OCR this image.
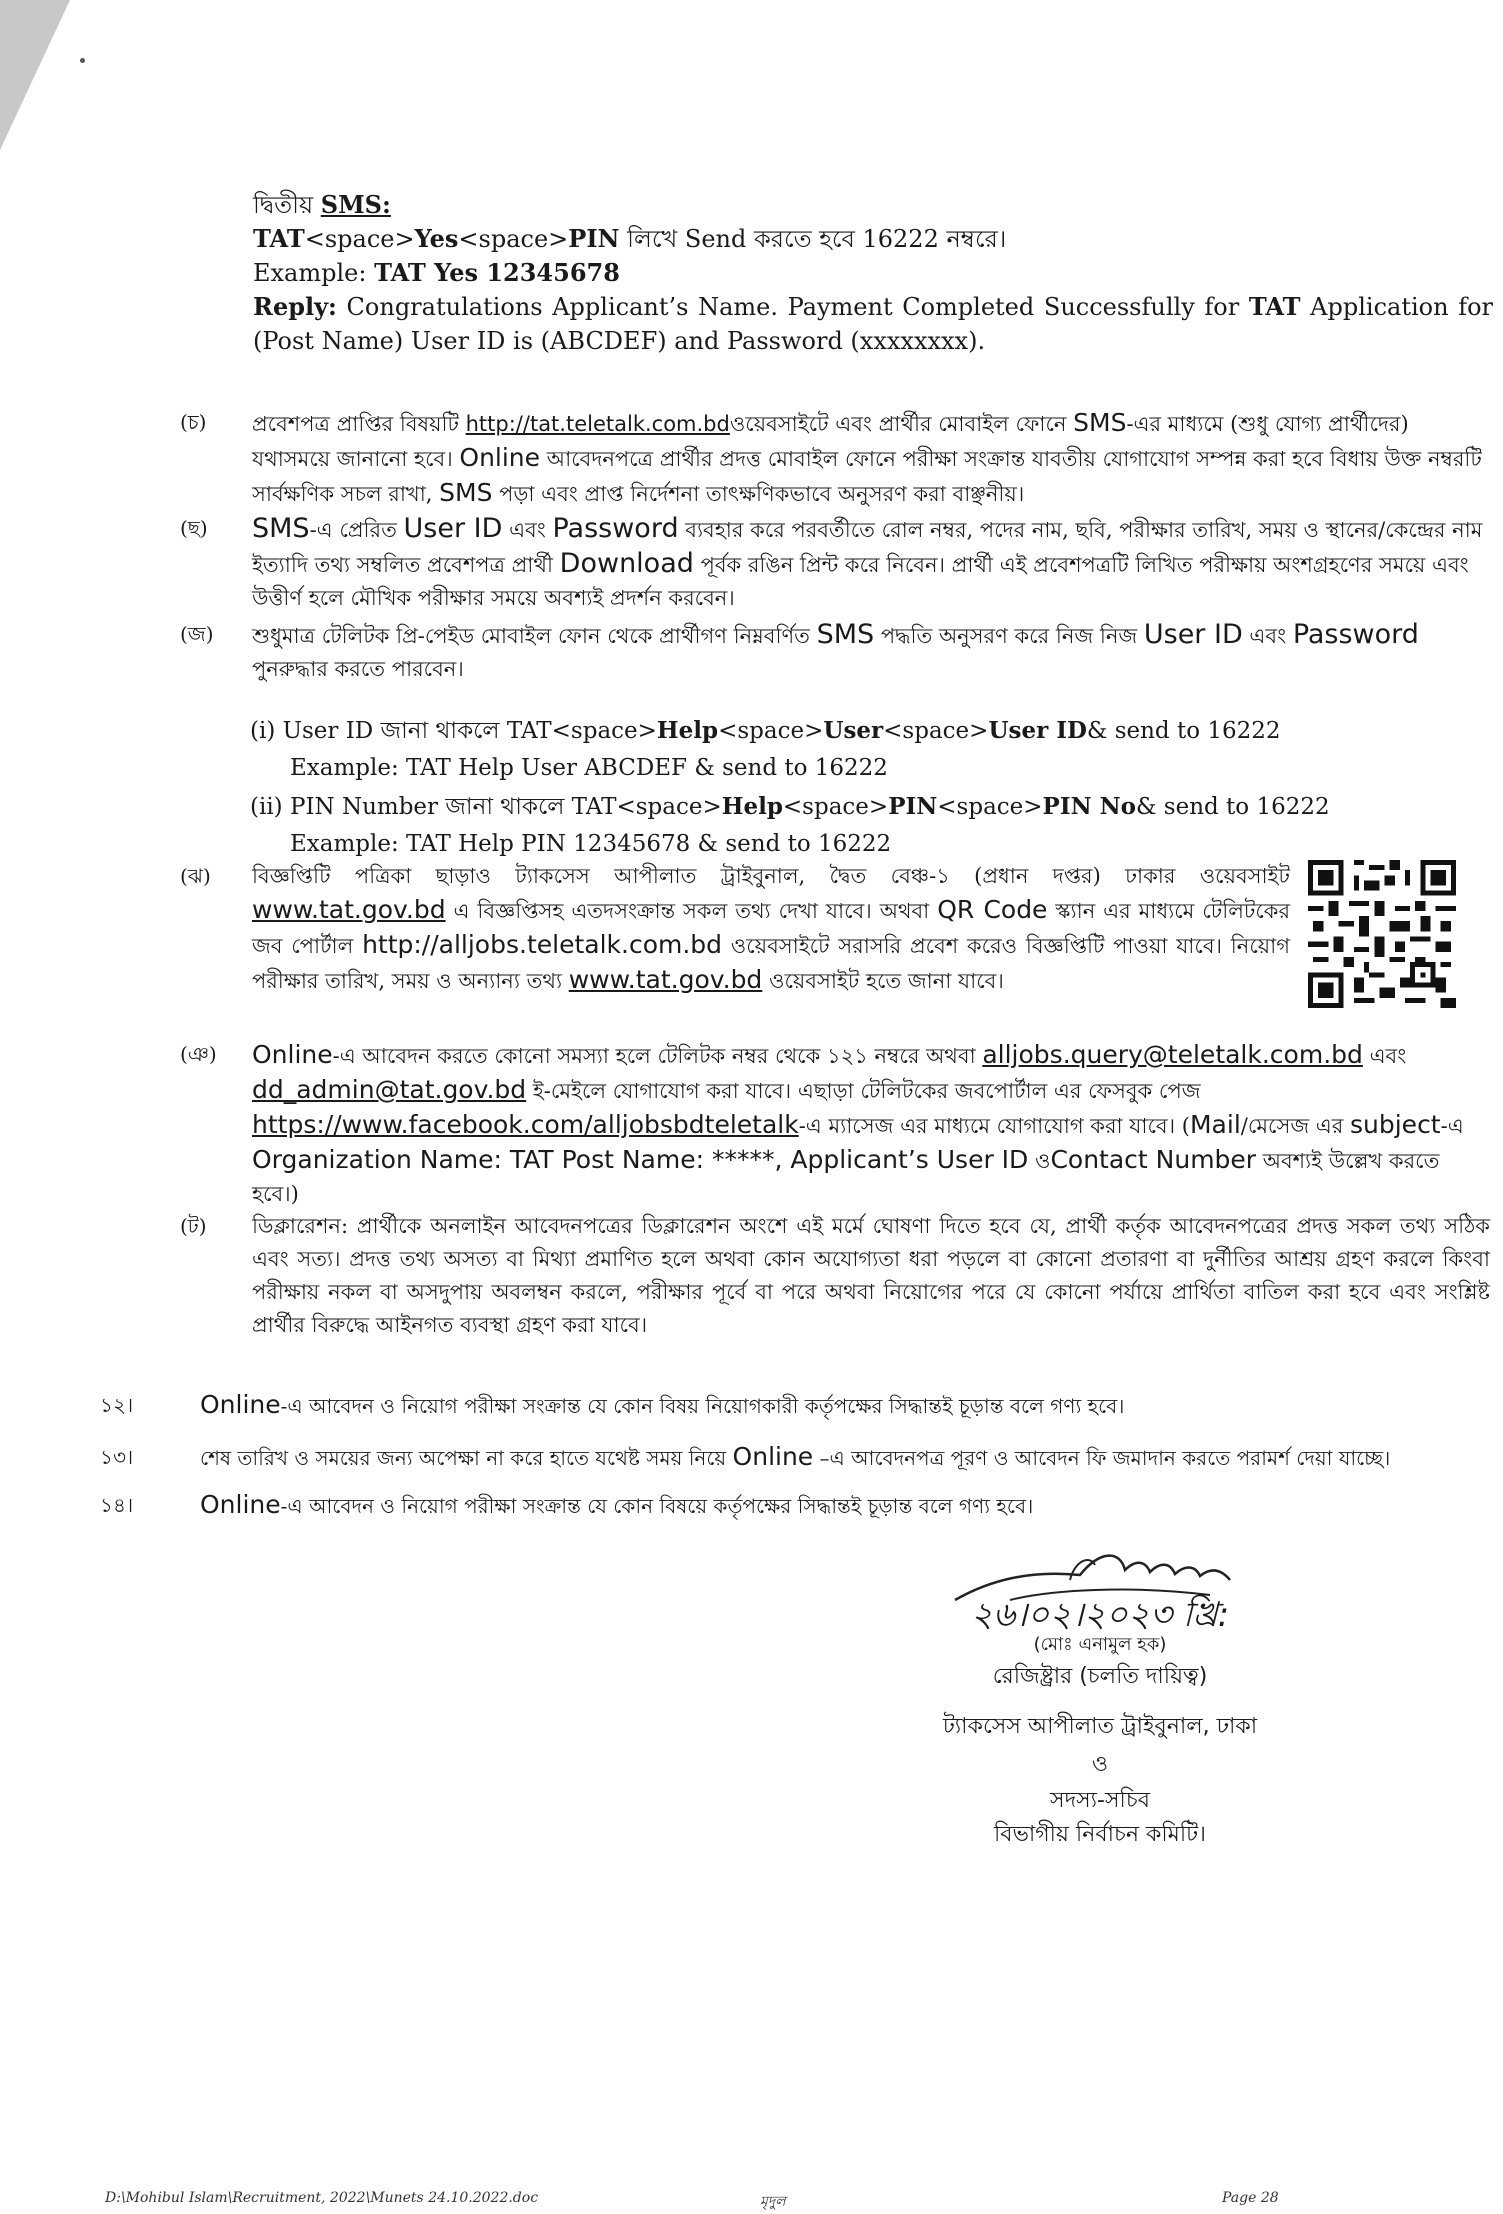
দ্বিতীয় SMS:

TAT<space>Yes<space>PIN লিখে Send করতে হবে 16222 নম্বরে।

Example: TAT Yes 12345678

Reply: Congratulations Applicant’s Name. Payment Completed Successfully for TAT Application for (Post Name) User ID is (ABCDEF) and Password (xxxxxxxx).

(চ) প্রবেশপত্র প্রাপ্তির বিষয়টি http://tat.teletalk.com.bdওয়েবসাইটে এবং প্রার্থীর মোবাইল ফোনে SMS-এর মাধ্যমে (শুধু যোগ্য প্রার্থীদের) যথাসময়ে জানানো হবে। Online আবেদনপত্রে প্রার্থীর প্রদত্ত মোবাইল ফোনে পরীক্ষা সংক্রান্ত যাবতীয় যোগাযোগ সম্পন্ন করা হবে বিধায় উক্ত নম্বরটি সার্বক্ষণিক সচল রাখা, SMS পড়া এবং প্রাপ্ত নির্দেশনা তাৎক্ষণিকভাবে অনুসরণ করা বাঞ্ছনীয়।
(ছ) SMS-এ প্রেরিত User ID এবং Password ব্যবহার করে পরবর্তীতে রোল নম্বর, পদের নাম, ছবি, পরীক্ষার তারিখ, সময় ও স্থানের/কেন্দ্রের নাম ইত্যাদি তথ্য সম্বলিত প্রবেশপত্র প্রার্থী Download পূর্বক রঙিন প্রিন্ট করে নিবেন। প্রার্থী এই প্রবেশপত্রটি লিখিত পরীক্ষায় অংশগ্রহণের সময়ে এবং উত্তীর্ণ হলে মৌখিক পরীক্ষার সময়ে অবশ্যই প্রদর্শন করবেন।
(জ) শুধুমাত্র টেলিটক প্রি-পেইড মোবাইল ফোন থেকে প্রার্থীগণ নিম্নবর্ণিত SMS পদ্ধতি অনুসরণ করে নিজ নিজ User ID এবং Password পুনরুদ্ধার করতে পারবেন।
(i) User ID জানা থাকলে TAT<space>Help<space>User<space>User ID& send to 16222
Example: TAT Help User ABCDEF & send to 16222
(ii) PIN Number জানা থাকলে TAT<space>Help<space>PIN<space>PIN No& send to 16222
Example: TAT Help PIN 12345678 & send to 16222
(ঝ) বিজ্ঞপ্তিটি পত্রিকা ছাড়াও ট্যাকসেস আপীলাত ট্রাইবুনাল, দ্বৈত বেঞ্চ-১ (প্রধান দপ্তর) ঢাকার ওয়েবসাইট www.tat.gov.bd এ বিজ্ঞপ্তিসহ এতদসংক্রান্ত সকল তথ্য দেখা যাবে। অথবা QR Code স্ক্যান এর মাধ্যমে টেলিটকের জব পোর্টাল http://alljobs.teletalk.com.bd ওয়েবসাইটে সরাসরি প্রবেশ করেও বিজ্ঞপ্তিটি পাওয়া যাবে। নিয়োগ পরীক্ষার তারিখ, সময় ও অন্যান্য তথ্য www.tat.gov.bd ওয়েবসাইট হতে জানা যাবে।
(ঞ) Online-এ আবেদন করতে কোনো সমস্যা হলে টেলিটক নম্বর থেকে ১২১ নম্বরে অথবা alljobs.query@teletalk.com.bd এবং dd_admin@tat.gov.bd ই-মেইলে যোগাযোগ করা যাবে। এছাড়া টেলিটকের জবপোর্টাল এর ফেসবুক পেজ https://www.facebook.com/alljobsbdteletalk-এ ম্যাসেজ এর মাধ্যমে যোগাযোগ করা যাবে। (Mail/মেসেজ এর subject-এ Organization Name: TAT Post Name: *****, Applicant’s User ID ওContact Number অবশ্যই উল্লেখ করতে হবে।)
(ট) ডিক্লারেশন: প্রার্থীকে অনলাইন আবেদনপত্রের ডিক্লারেশন অংশে এই মর্মে ঘোষণা দিতে হবে যে, প্রার্থী কর্তৃক আবেদনপত্রের প্রদত্ত সকল তথ্য সঠিক এবং সত্য। প্রদত্ত তথ্য অসত্য বা মিথ্যা প্রমাণিত হলে অথবা কোন অযোগ্যতা ধরা পড়লে বা কোনো প্রতারণা বা দুর্নীতির আশ্রয় গ্রহণ করলে কিংবা পরীক্ষায় নকল বা অসদুপায় অবলম্বন করলে, পরীক্ষার পূর্বে বা পরে অথবা নিয়োগের পরে যে কোনো পর্যায়ে প্রার্থিতা বাতিল করা হবে এবং সংশ্লিষ্ট প্রার্থীর বিরুদ্ধে আইনগত ব্যবস্থা গ্রহণ করা যাবে।
১২।	Online-এ আবেদন ও নিয়োগ পরীক্ষা সংক্রান্ত যে কোন বিষয় নিয়োগকারী কর্তৃপক্ষের সিদ্ধান্তই চূড়ান্ত বলে গণ্য হবে।
১৩।	শেষ তারিখ ও সময়ের জন্য অপেক্ষা না করে হাতে যথেষ্ট সময় নিয়ে Online –এ আবেদনপত্র পূরণ ও আবেদন ফি জমাদান করতে পরামর্শ দেয়া যাচ্ছে।
১৪।	Online-এ আবেদন ও নিয়োগ পরীক্ষা সংক্রান্ত যে কোন বিষয়ে কর্তৃপক্ষের সিদ্ধান্তই চূড়ান্ত বলে গণ্য হবে।
২৬।০২।২০২৩ খ্রি:
(মোঃ এনামুল হক)
রেজিষ্ট্রার (চলতি দায়িত্ব)
ট্যাকসেস আপীলাত ট্রাইবুনাল, ঢাকা
ও
সদস্য-সচিব
বিভাগীয় নির্বাচন কমিটি।
D:\Mohibul Islam\Recruitment, 2022\Munets 24.10.2022.doc	মৃদুল	Page 28
